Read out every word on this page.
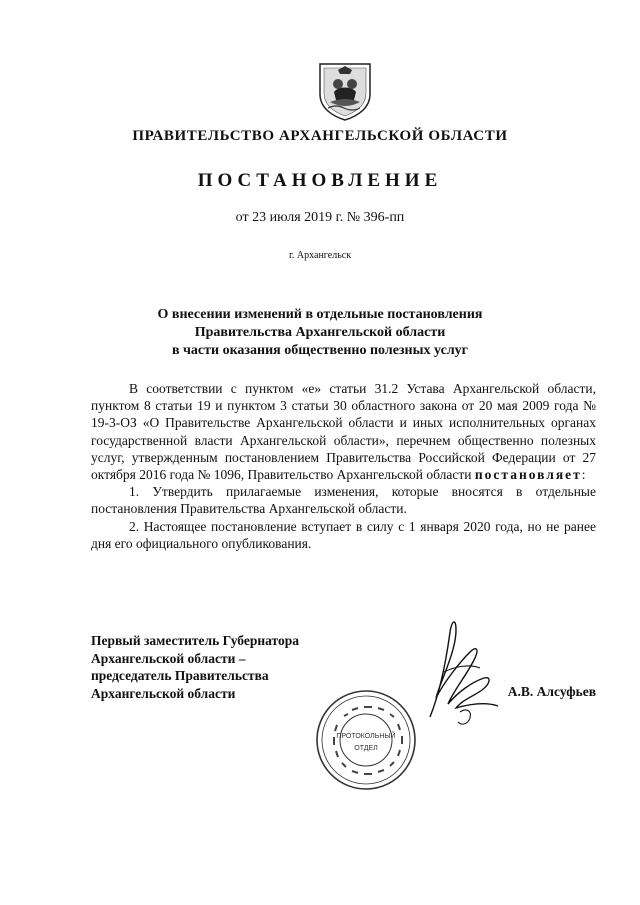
ПРАВИТЕЛЬСТВО АРХАНГЕЛЬСКОЙ ОБЛАСТИ
ПОСТАНОВЛЕНИЕ
от 23 июля 2019 г. № 396-пп
г. Архангельск
О внесении изменений в отдельные постановления
Правительства Архангельской области
в части оказания общественно полезных услуг

В соответствии с пунктом «е» статьи 31.2 Устава Архангельской области, пунктом 8 статьи 19 и пунктом 3 статьи 30 областного закона от 20 мая 2009 года № 19-3-ОЗ «О Правительстве Архангельской области и иных исполнительных органах государственной власти Архангельской области», перечнем общественно полезных услуг, утвержденным постановлением Правительства Российской Федерации от 27 октября 2016 года № 1096, Правительство Архангельской области постановляет:

1. Утвердить прилагаемые изменения, которые вносятся в отдельные постановления Правительства Архангельской области.

2. Настоящее постановление вступает в силу с 1 января 2020 года, но не ранее дня его официального опубликования.

Первый заместитель Губернатора
Архангельской области –
председатель Правительства
Архангельской области	А.В. Алсуфьев
ПРОТОКОЛЬНЫЙ
ОТДЕЛ
